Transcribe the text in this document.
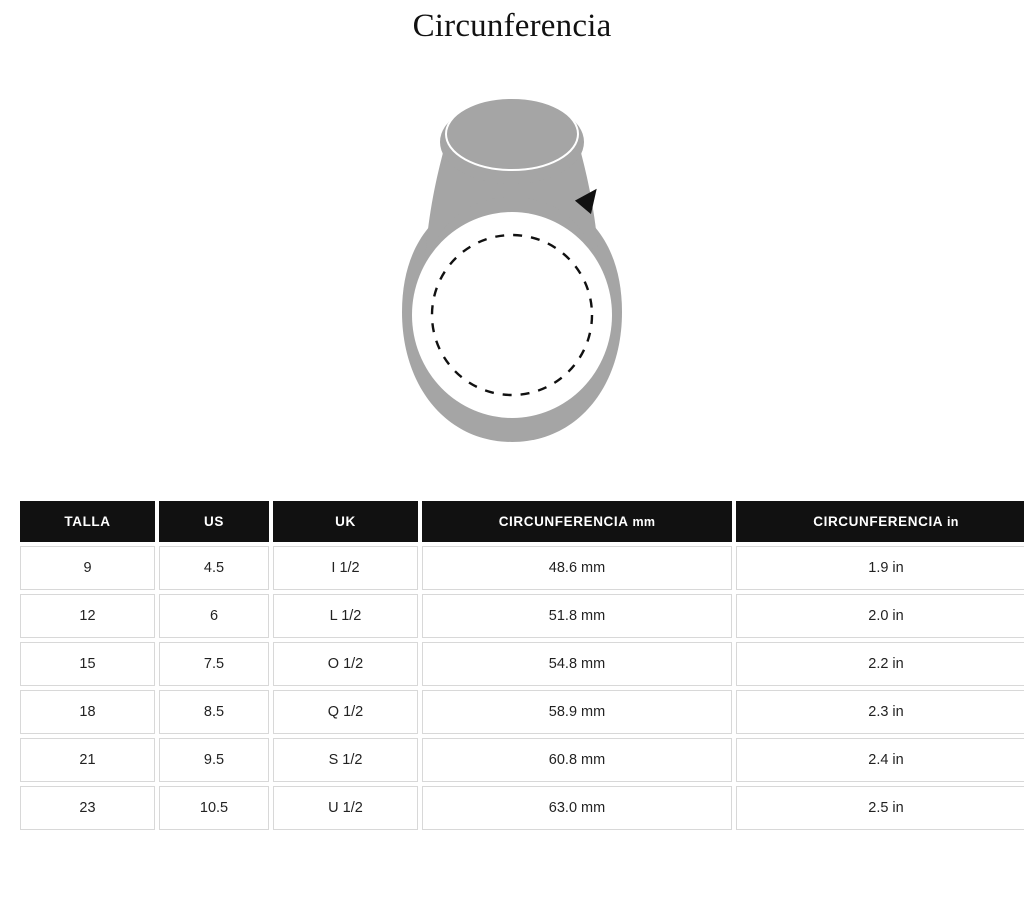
Circunferencia
TALLA	US	UK	CIRCUNFERENCIA mm	CIRCUNFERENCIA in
9	4.5	I 1/2	48.6 mm	1.9 in
12	6	L 1/2	51.8 mm	2.0 in
15	7.5	O 1/2	54.8 mm	2.2 in
18	8.5	Q 1/2	58.9 mm	2.3 in
21	9.5	S 1/2	60.8 mm	2.4 in
23	10.5	U 1/2	63.0 mm	2.5 in
